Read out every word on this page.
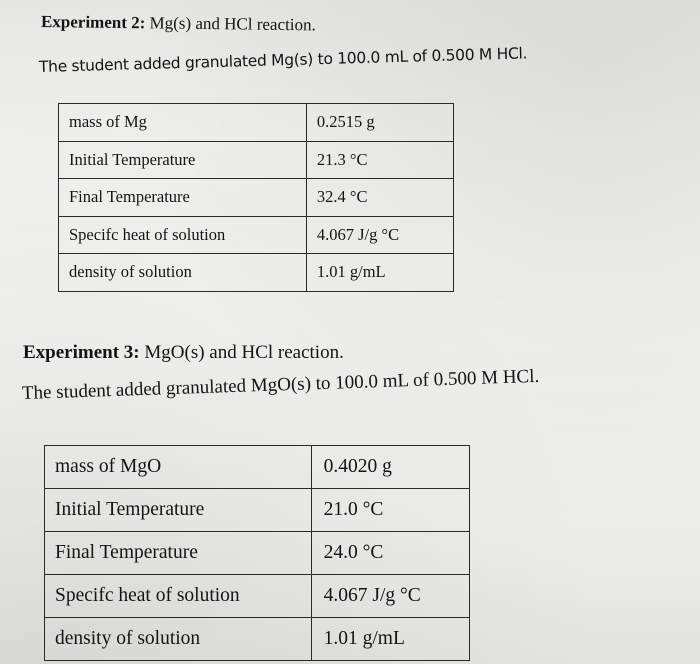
Experiment 2: Mg(s) and HCl reaction.

The student added granulated Mg(s) to 100.0 mL of 0.500 M HCl.

mass of Mg	0.2515 g
Initial Temperature	21.3 °C
Final Temperature	32.4 °C
Specifc heat of solution	4.067 J/g °C
density of solution	1.01 g/mL
Experiment 3: MgO(s) and HCl reaction.

The student added granulated MgO(s) to 100.0 mL of 0.500 M HCl.

mass of MgO	0.4020 g
Initial Temperature	21.0 °C
Final Temperature	24.0 °C
Specifc heat of solution	4.067 J/g °C
density of solution	1.01 g/mL
